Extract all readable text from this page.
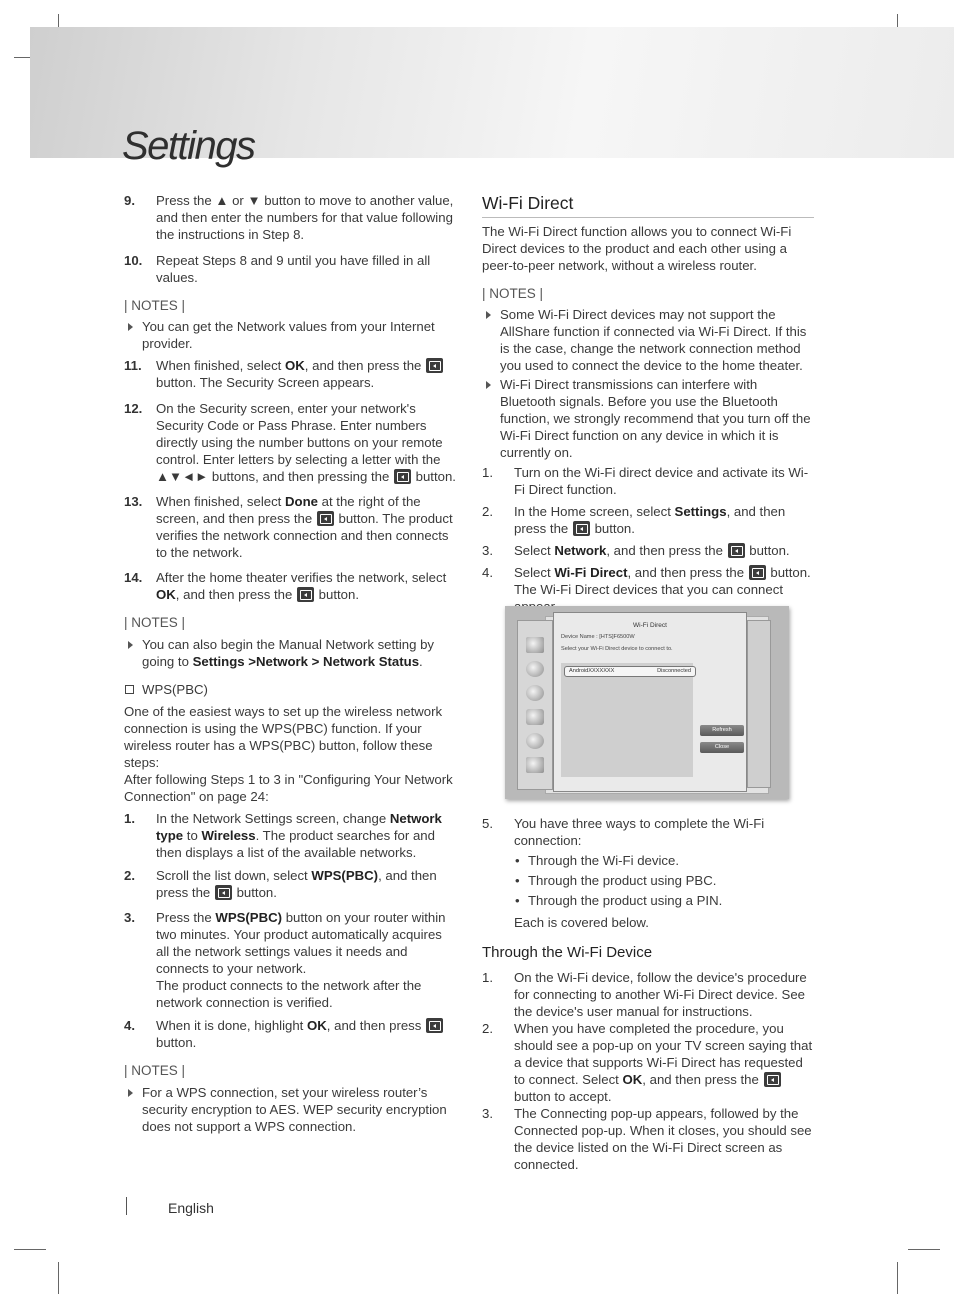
Settings
9. Press the ▲ or ▼ button to move to another value, and then enter the numbers for that value following the instructions in Step 8.
10. Repeat Steps 8 and 9 until you have filled in all values.
| NOTES |
You can get the Network values from your Internet provider.
11. When finished, select OK, and then press the  button. The Security Screen appears.
12. On the Security screen, enter your network's Security Code or Pass Phrase. Enter numbers directly using the number buttons on your remote control. Enter letters by selecting a letter with the ▲▼◄► buttons, and then pressing the  button.
13. When finished, select Done at the right of the screen, and then press the  button. The product verifies the network connection and then connects to the network.
14. After the home theater verifies the network, select OK, and then press the  button.
| NOTES |
You can also begin the Manual Network setting by going to Settings >Network > Network Status.
WPS(PBC)
One of the easiest ways to set up the wireless network connection is using the WPS(PBC) function. If your wireless router has a WPS(PBC) button, follow these steps:
After following Steps 1 to 3 in "Configuring Your Network Connection" on page 24:
1. In the Network Settings screen, change Network type to Wireless. The product searches for and then displays a list of the available networks.
2. Scroll the list down, select WPS(PBC), and then press the  button.
3. Press the WPS(PBC) button on your router within two minutes. Your product automatically acquires all the network settings values it needs and connects to your network.
The product connects to the network after the network connection is verified.
4. When it is done, highlight OK, and then press  button.
| NOTES |
For a WPS connection, set your wireless router’s security encryption to AES. WEP security encryption does not support a WPS connection.
Wi-Fi Direct
The Wi-Fi Direct function allows you to connect Wi-Fi Direct devices to the product and each other using a peer-to-peer network, without a wireless router.
| NOTES |
Some Wi-Fi Direct devices may not support the AllShare function if connected via Wi-Fi Direct. If this is the case, change the network connection method you used to connect the device to the home theater.
Wi-Fi Direct transmissions can interfere with Bluetooth signals. Before you use the Bluetooth function, we strongly recommend that you turn off the Wi-Fi Direct function on any device in which it is currently on.
1. Turn on the Wi-Fi direct device and activate its Wi-Fi Direct function.
2. In the Home screen, select Settings, and then press the  button.
3. Select Network, and then press the  button.
4. Select Wi-Fi Direct, and then press the  button. The Wi-Fi Direct devices that you can connect
Wi-Fi Direct
Device Name : [HTS]F6500W
Select your Wi-Fi Direct device to connect to.
AndroidXXXXXXX	Disconnected
Refresh
Close
5. You have three ways to complete the Wi-Fi connection:
• Through the Wi-Fi device.
• Through the product using PBC.
• Through the product using a PIN.
Each is covered below.
Through the Wi-Fi Device
1. On the Wi-Fi device, follow the device's procedure for connecting to another Wi-Fi Direct device. See the device's user manual for instructions.
2. When you have completed the procedure, you should see a pop-up on your TV screen saying that a device that supports Wi-Fi Direct has requested to connect. Select OK, and then press the  button to accept.
3. The Connecting pop-up appears, followed by the Connected pop-up. When it closes, you should see the device listed on the Wi-Fi Direct screen as connected.
English
